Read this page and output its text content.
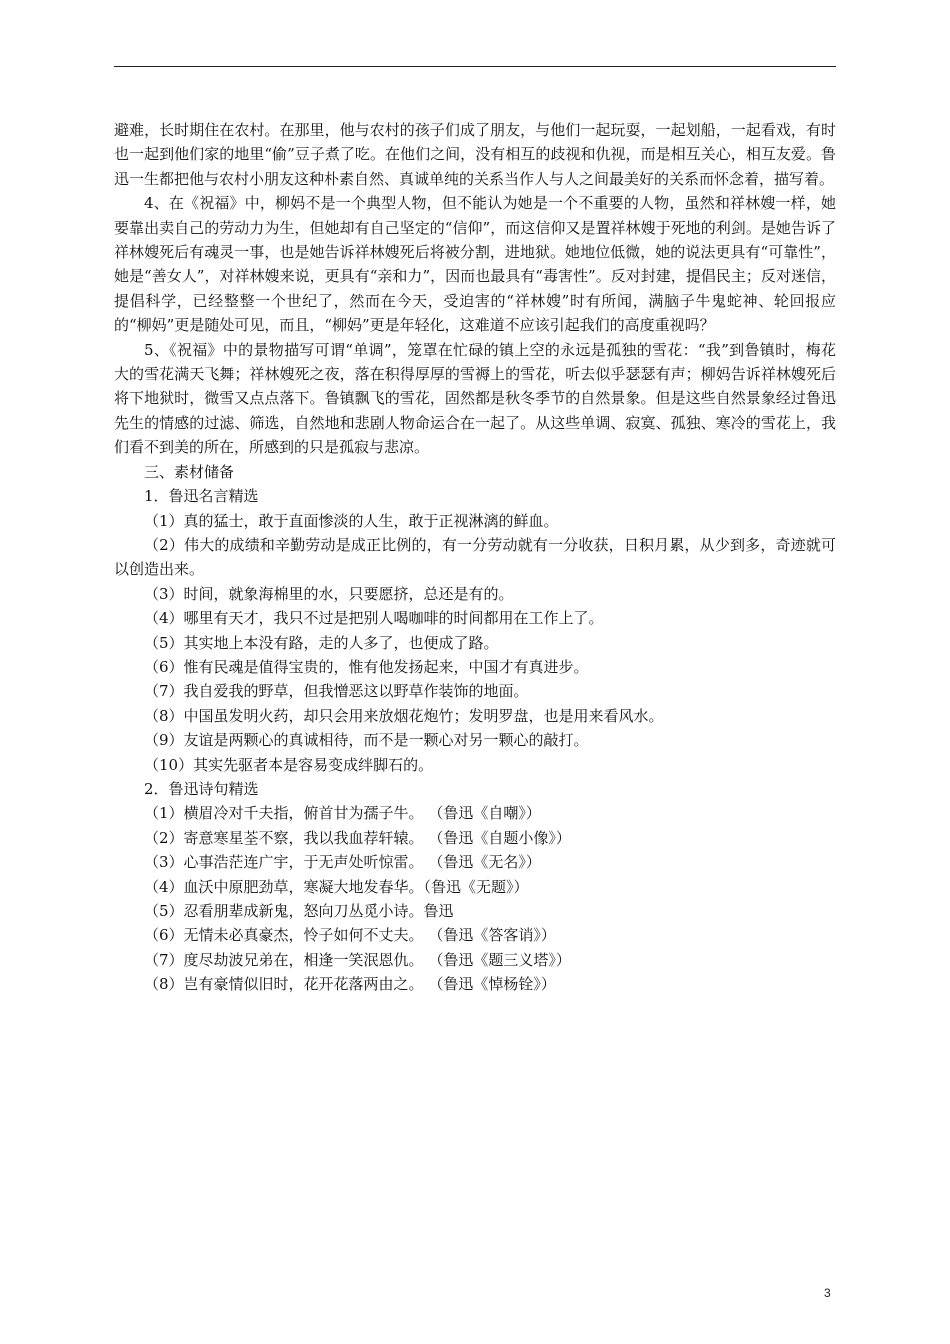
避难，长时期住在农村。在那里，他与农村的孩子们成了朋友，与他们一起玩耍，一起划船，一起看戏，有时也一起到他们家的地里“偷”豆子煮了吃。在他们之间，没有相互的歧视和仇视，而是相互关心，相互友爱。鲁迅一生都把他与农村小朋友这种朴素自然、真诚单纯的关系当作人与人之间最美好的关系而怀念着，描写着。

4、在《祝福》中，柳妈不是一个典型人物，但不能认为她是一个不重要的人物，虽然和祥林嫂一样，她要靠出卖自己的劳动力为生，但她却有自己坚定的“信仰”，而这信仰又是置祥林嫂于死地的利剑。是她告诉了祥林嫂死后有魂灵一事，也是她告诉祥林嫂死后将被分割，进地狱。她地位低微，她的说法更具有“可靠性”，她是“善女人”，对祥林嫂来说，更具有“亲和力”，因而也最具有“毒害性”。反对封建，提倡民主；反对迷信，提倡科学，已经整整一个世纪了，然而在今天，受迫害的“祥林嫂”时有所闻，满脑子牛鬼蛇神、轮回报应的“柳妈”更是随处可见，而且，“柳妈”更是年轻化，这难道不应该引起我们的高度重视吗？

5、《祝福》中的景物描写可谓“单调”，笼罩在忙碌的镇上空的永远是孤独的雪花：“我”到鲁镇时，梅花大的雪花满天飞舞；祥林嫂死之夜，落在积得厚厚的雪褥上的雪花，听去似乎瑟瑟有声；柳妈告诉祥林嫂死后将下地狱时，微雪又点点落下。鲁镇飘飞的雪花，固然都是秋冬季节的自然景象。但是这些自然景象经过鲁迅先生的情感的过滤、筛选，自然地和悲剧人物命运合在一起了。从这些单调、寂寞、孤独、寒冷的雪花上，我们看不到美的所在，所感到的只是孤寂与悲凉。

三、素材储备

1．鲁迅名言精选

（1）真的猛士，敢于直面惨淡的人生，敢于正视淋漓的鲜血。

（2）伟大的成绩和辛勤劳动是成正比例的，有一分劳动就有一分收获，日积月累，从少到多，奇迹就可以创造出来。

（3）时间，就象海棉里的水，只要愿挤，总还是有的。

（4）哪里有天才，我只不过是把别人喝咖啡的时间都用在工作上了。

（5）其实地上本没有路，走的人多了，也便成了路。

（6）惟有民魂是值得宝贵的，惟有他发扬起来，中国才有真进步。

（7）我自爱我的野草，但我憎恶这以野草作装饰的地面。

（8）中国虽发明火药，却只会用来放烟花炮竹；发明罗盘，也是用来看风水。

（9）友谊是两颗心的真诚相待，而不是一颗心对另一颗心的敲打。

（10）其实先驱者本是容易变成绊脚石的。

2．鲁迅诗句精选

（1）横眉冷对千夫指，俯首甘为孺子牛。 （鲁迅《自嘲》）

（2）寄意寒星荃不察，我以我血荐轩辕。 （鲁迅《自题小像》）

（3）心事浩茫连广宇，于无声处听惊雷。 （鲁迅《无名》）

（4）血沃中原肥劲草，寒凝大地发春华。（鲁迅《无题》）

（5）忍看朋辈成新鬼，怒向刀丛觅小诗。鲁迅

（6）无情未必真豪杰，怜子如何不丈夫。 （鲁迅《答客诮》）

（7）度尽劫波兄弟在，相逢一笑泯恩仇。 （鲁迅《题三义塔》）

（8）岂有豪情似旧时，花开花落两由之。 （鲁迅《悼杨铨》）

3
